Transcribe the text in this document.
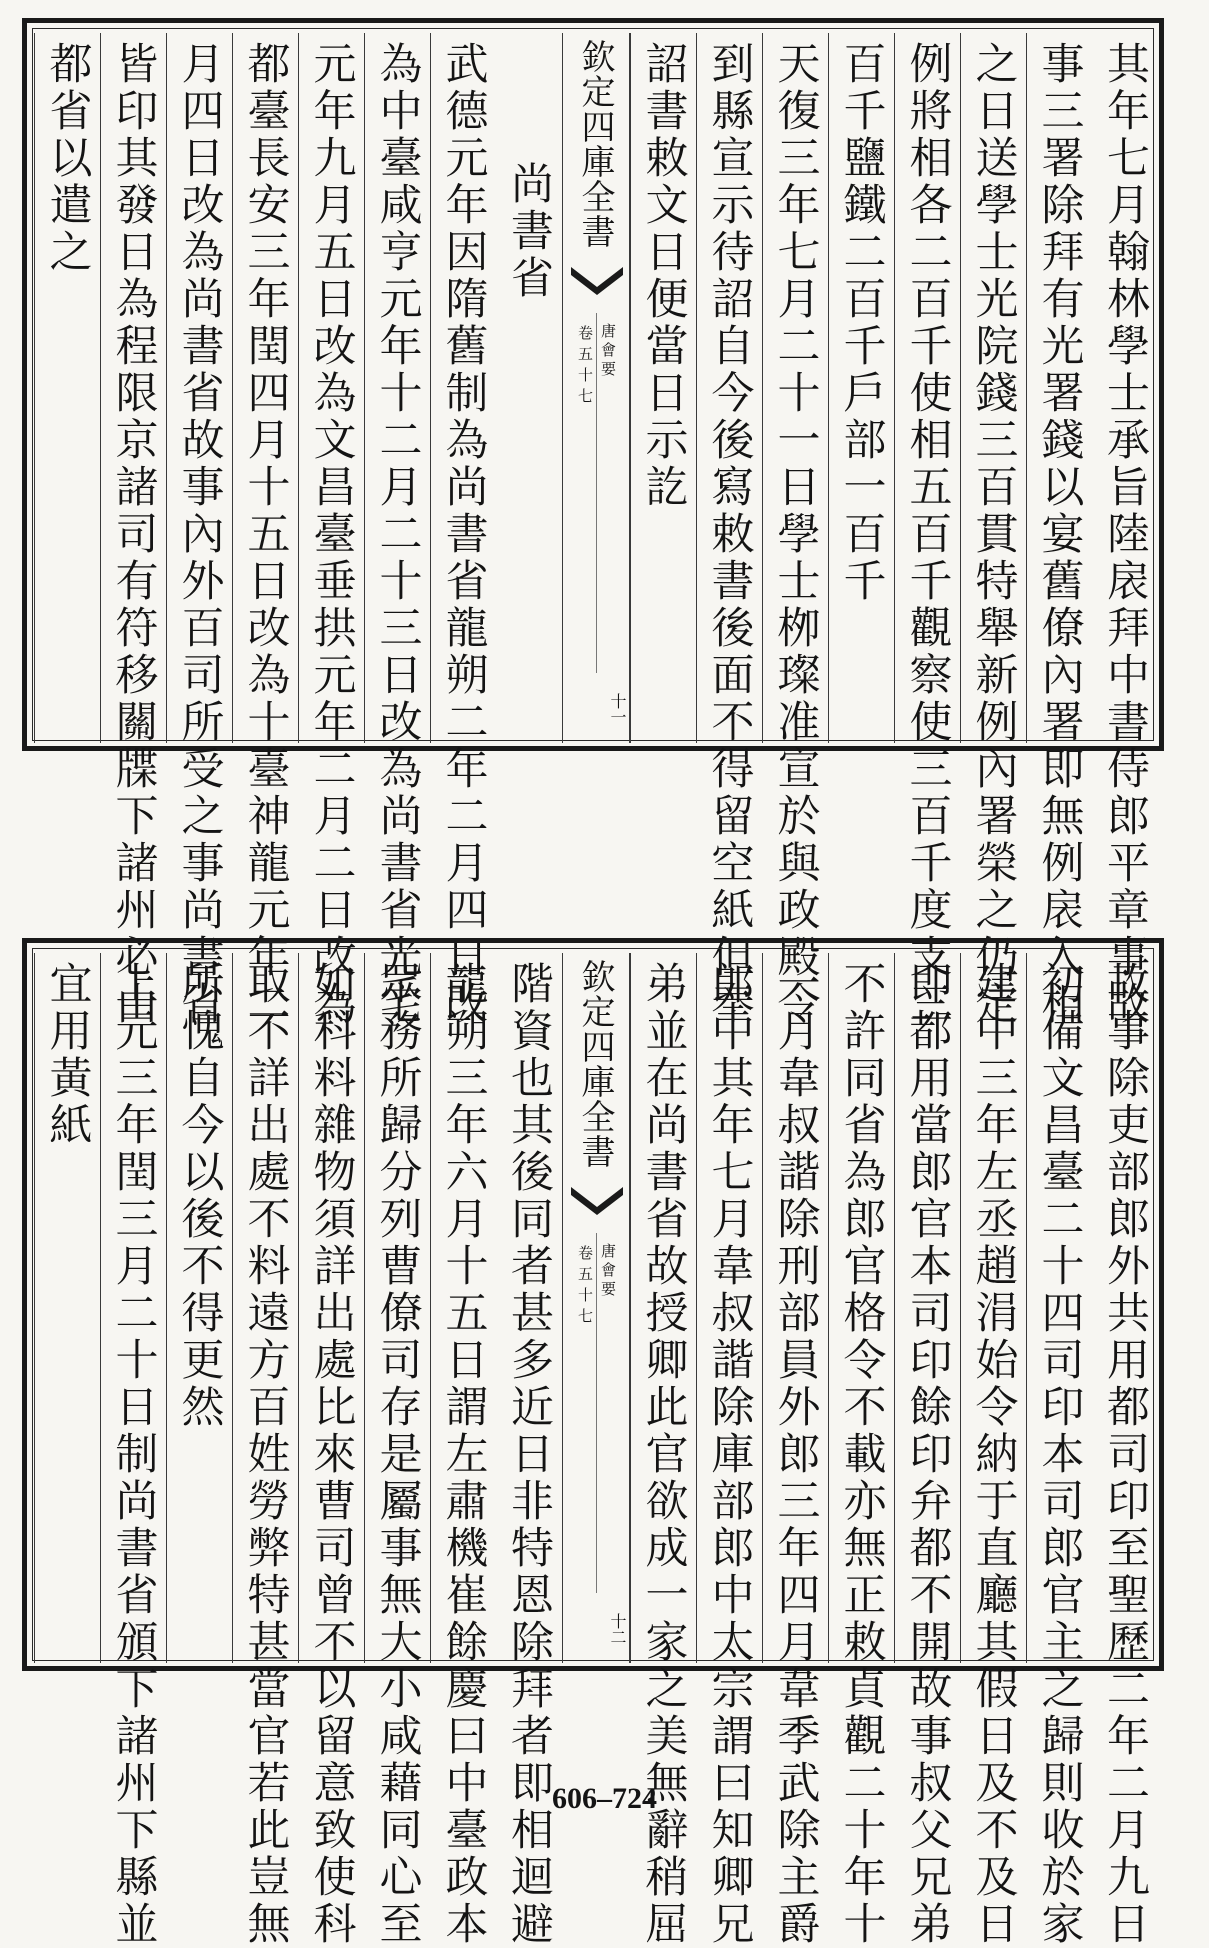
其年七月翰林學士承旨陸扆拜中書侍郎平章事故
事三署除拜有光署錢以宴舊僚內署即無例扆入相
之日送學士光院錢三百貫特舉新例內署榮之仍定
例將相各二百千使相五百千觀察使三百千度支三
百千鹽鐵二百千戶部一百千
天復三年七月二十一日學士栁璨准宣於與政殿令
到縣宣示待詔自今後寫敕書後面不得留空紙但奉
詔書敕文日便當日示訖
欽定四庫全書
唐會要
卷五十七
十一
尚書省
武德元年因隋舊制為尚書省龍朔二年二月四日改
為中臺咸亨元年十二月二十三日改為尚書省光宅
元年九月五日改為文昌臺垂拱元年二月二日改為
都臺長安三年閏四月十五日改為十臺神龍元年二
月四日改為尚書省故事內外百司所受之事尚書省
皆印其發日為程限京諸司有符移關牒下諸州必由
都省以遣之
故事除吏部郎外共用都司印至聖歷二年二月九日
初備文昌臺二十四司印本司郎官主之歸則收於家
建中三年左丞趙涓始令納于直廳其假日及不及日
即都用當郎官本司印餘印弁都不開故事叔父兄弟
不許同省為郎官格令不載亦無正敕貞觀二十年十
一月韋叔諧除刑部員外郎三年四月韋季武除主爵
郎中其年七月韋叔諧除庫部郎中太宗謂曰知卿兄
弟並在尚書省故授卿此官欲成一家之美無辭稍屈
欽定四庫全書
唐會要
卷五十七
十二
階資也其後同者甚多近日非特恩除拜者即相迴避
龍朔三年六月十五日謂左肅機崔餘慶曰中臺政本
眾務所歸分列曹僚司存是屬事無大小咸藉同心至
如科料雜物須詳出處比來曹司曾不以留意致使科
取不詳出處不料遠方百姓勞弊特甚當官若此豈無
所愧自今以後不得更然
上元三年閏三月二十日制尚書省頒下諸州下縣並
宜用黃紙
606–724
